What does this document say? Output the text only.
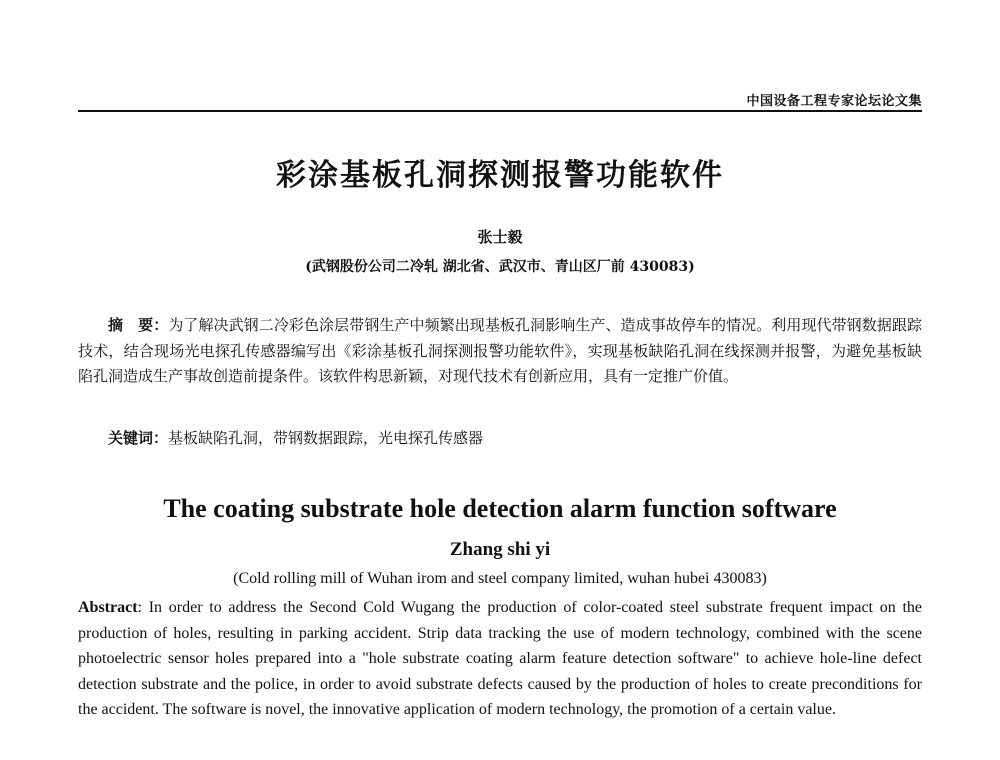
中国设备工程专家论坛论文集
彩涂基板孔洞探测报警功能软件
张士毅
(武钢股份公司二冷轧 湖北省、武汉市、青山区厂前 430083)

摘　要：为了解决武钢二冷彩色涂层带钢生产中频繁出现基板孔洞影响生产、造成事故停车的情况。利用现代带钢数据跟踪技术，结合现场光电探孔传感器编写出《彩涂基板孔洞探测报警功能软件》，实现基板缺陷孔洞在线探测并报警，为避免基板缺陷孔洞造成生产事故创造前提条件。该软件构思新颖，对现代技术有创新应用，具有一定推广价值。

关键词：基板缺陷孔洞，带钢数据跟踪，光电探孔传感器

The coating substrate hole detection alarm function software
Zhang shi yi
(Cold rolling mill of Wuhan irom and steel company limited, wuhan hubei 430083)

Abstract: In order to address the Second Cold Wugang the production of color-coated steel substrate frequent impact on the production of holes, resulting in parking accident. Strip data tracking the use of modern technology, combined with the scene photoelectric sensor holes prepared into a "hole substrate coating alarm feature detection software" to achieve hole-line defect detection substrate and the police, in order to avoid substrate defects caused by the production of holes to create preconditions for the accident. The software is novel, the innovative application of modern technology, the promotion of a certain value.
